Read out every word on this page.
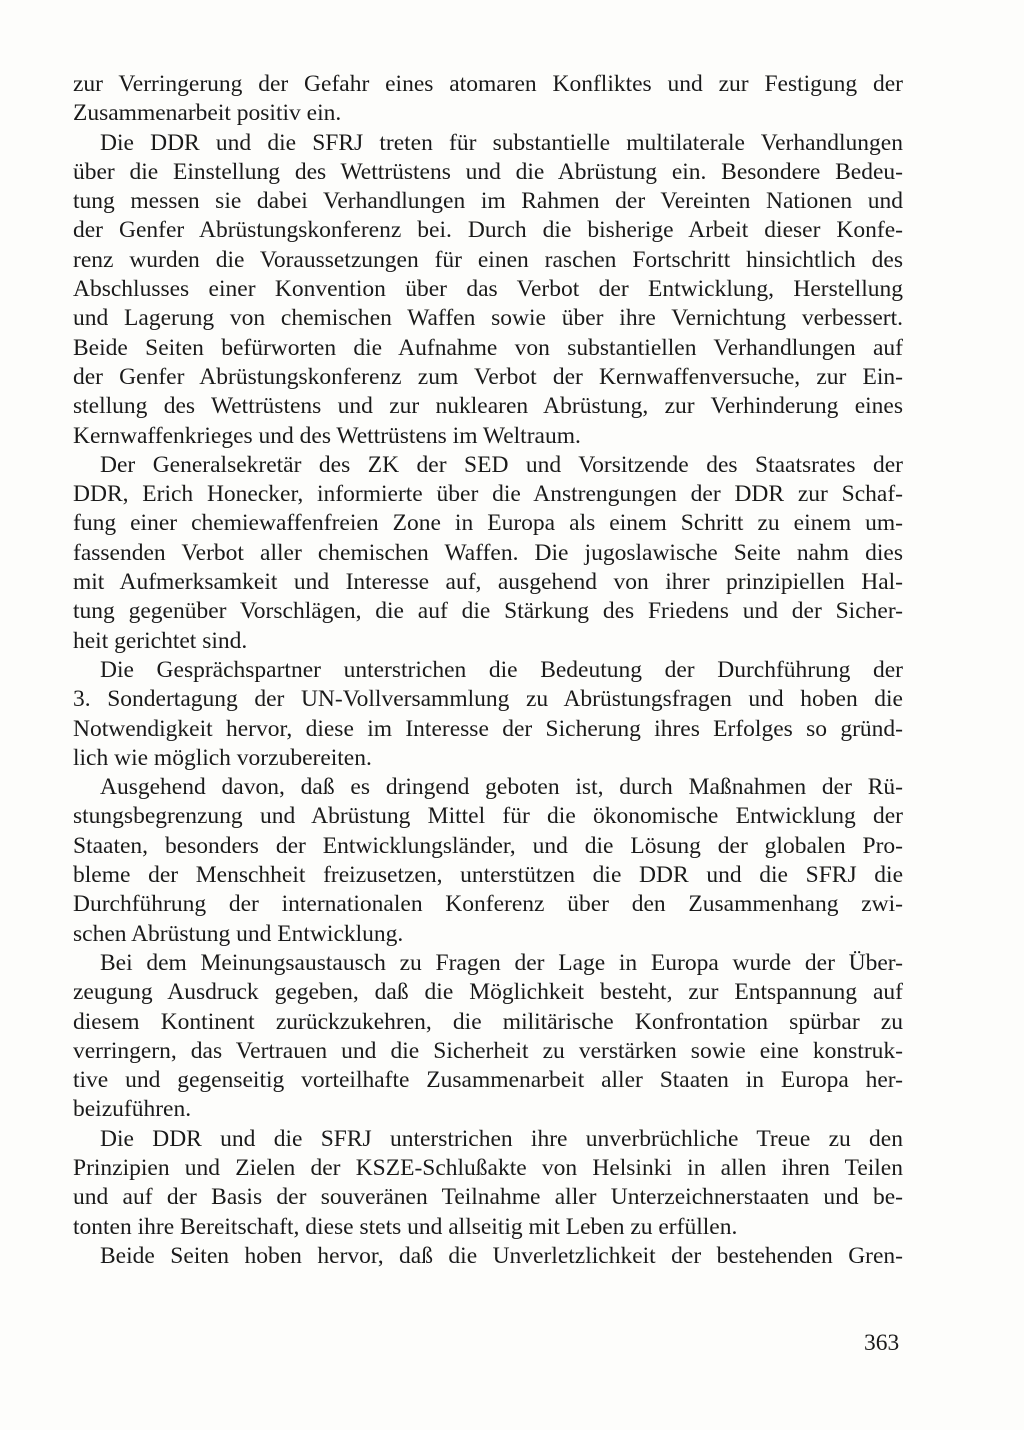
zur Verringerung der Gefahr eines atomaren Konfliktes und zur Festigung der
Zusammenarbeit positiv ein.
Die DDR und die SFRJ treten für substantielle multilaterale Verhandlungen
über die Einstellung des Wettrüstens und die Abrüstung ein. Besondere Bedeu-
tung messen sie dabei Verhandlungen im Rahmen der Vereinten Nationen und
der Genfer Abrüstungskonferenz bei. Durch die bisherige Arbeit dieser Konfe-
renz wurden die Voraussetzungen für einen raschen Fortschritt hinsichtlich des
Abschlusses einer Konvention über das Verbot der Entwicklung, Herstellung
und Lagerung von chemischen Waffen sowie über ihre Vernichtung verbessert.
Beide Seiten befürworten die Aufnahme von substantiellen Verhandlungen auf
der Genfer Abrüstungskonferenz zum Verbot der Kernwaffenversuche, zur Ein-
stellung des Wettrüstens und zur nuklearen Abrüstung, zur Verhinderung eines
Kernwaffenkrieges und des Wettrüstens im Weltraum.
Der Generalsekretär des ZK der SED und Vorsitzende des Staatsrates der
DDR, Erich Honecker, informierte über die Anstrengungen der DDR zur Schaf-
fung einer chemiewaffenfreien Zone in Europa als einem Schritt zu einem um-
fassenden Verbot aller chemischen Waffen. Die jugoslawische Seite nahm dies
mit Aufmerksamkeit und Interesse auf, ausgehend von ihrer prinzipiellen Hal-
tung gegenüber Vorschlägen, die auf die Stärkung des Friedens und der Sicher-
heit gerichtet sind.
Die Gesprächspartner unterstrichen die Bedeutung der Durchführung der
3. Sondertagung der UN-Vollversammlung zu Abrüstungsfragen und hoben die
Notwendigkeit hervor, diese im Interesse der Sicherung ihres Erfolges so gründ-
lich wie möglich vorzubereiten.
Ausgehend davon, daß es dringend geboten ist, durch Maßnahmen der Rü-
stungsbegrenzung und Abrüstung Mittel für die ökonomische Entwicklung der
Staaten, besonders der Entwicklungsländer, und die Lösung der globalen Pro-
bleme der Menschheit freizusetzen, unterstützen die DDR und die SFRJ die
Durchführung der internationalen Konferenz über den Zusammenhang zwi-
schen Abrüstung und Entwicklung.
Bei dem Meinungsaustausch zu Fragen der Lage in Europa wurde der Über-
zeugung Ausdruck gegeben, daß die Möglichkeit besteht, zur Entspannung auf
diesem Kontinent zurückzukehren, die militärische Konfrontation spürbar zu
verringern, das Vertrauen und die Sicherheit zu verstärken sowie eine konstruk-
tive und gegenseitig vorteilhafte Zusammenarbeit aller Staaten in Europa her-
beizuführen.
Die DDR und die SFRJ unterstrichen ihre unverbrüchliche Treue zu den
Prinzipien und Zielen der KSZE-Schlußakte von Helsinki in allen ihren Teilen
und auf der Basis der souveränen Teilnahme aller Unterzeichnerstaaten und be-
tonten ihre Bereitschaft, diese stets und allseitig mit Leben zu erfüllen.
Beide Seiten hoben hervor, daß die Unverletzlichkeit der bestehenden Gren-
363
